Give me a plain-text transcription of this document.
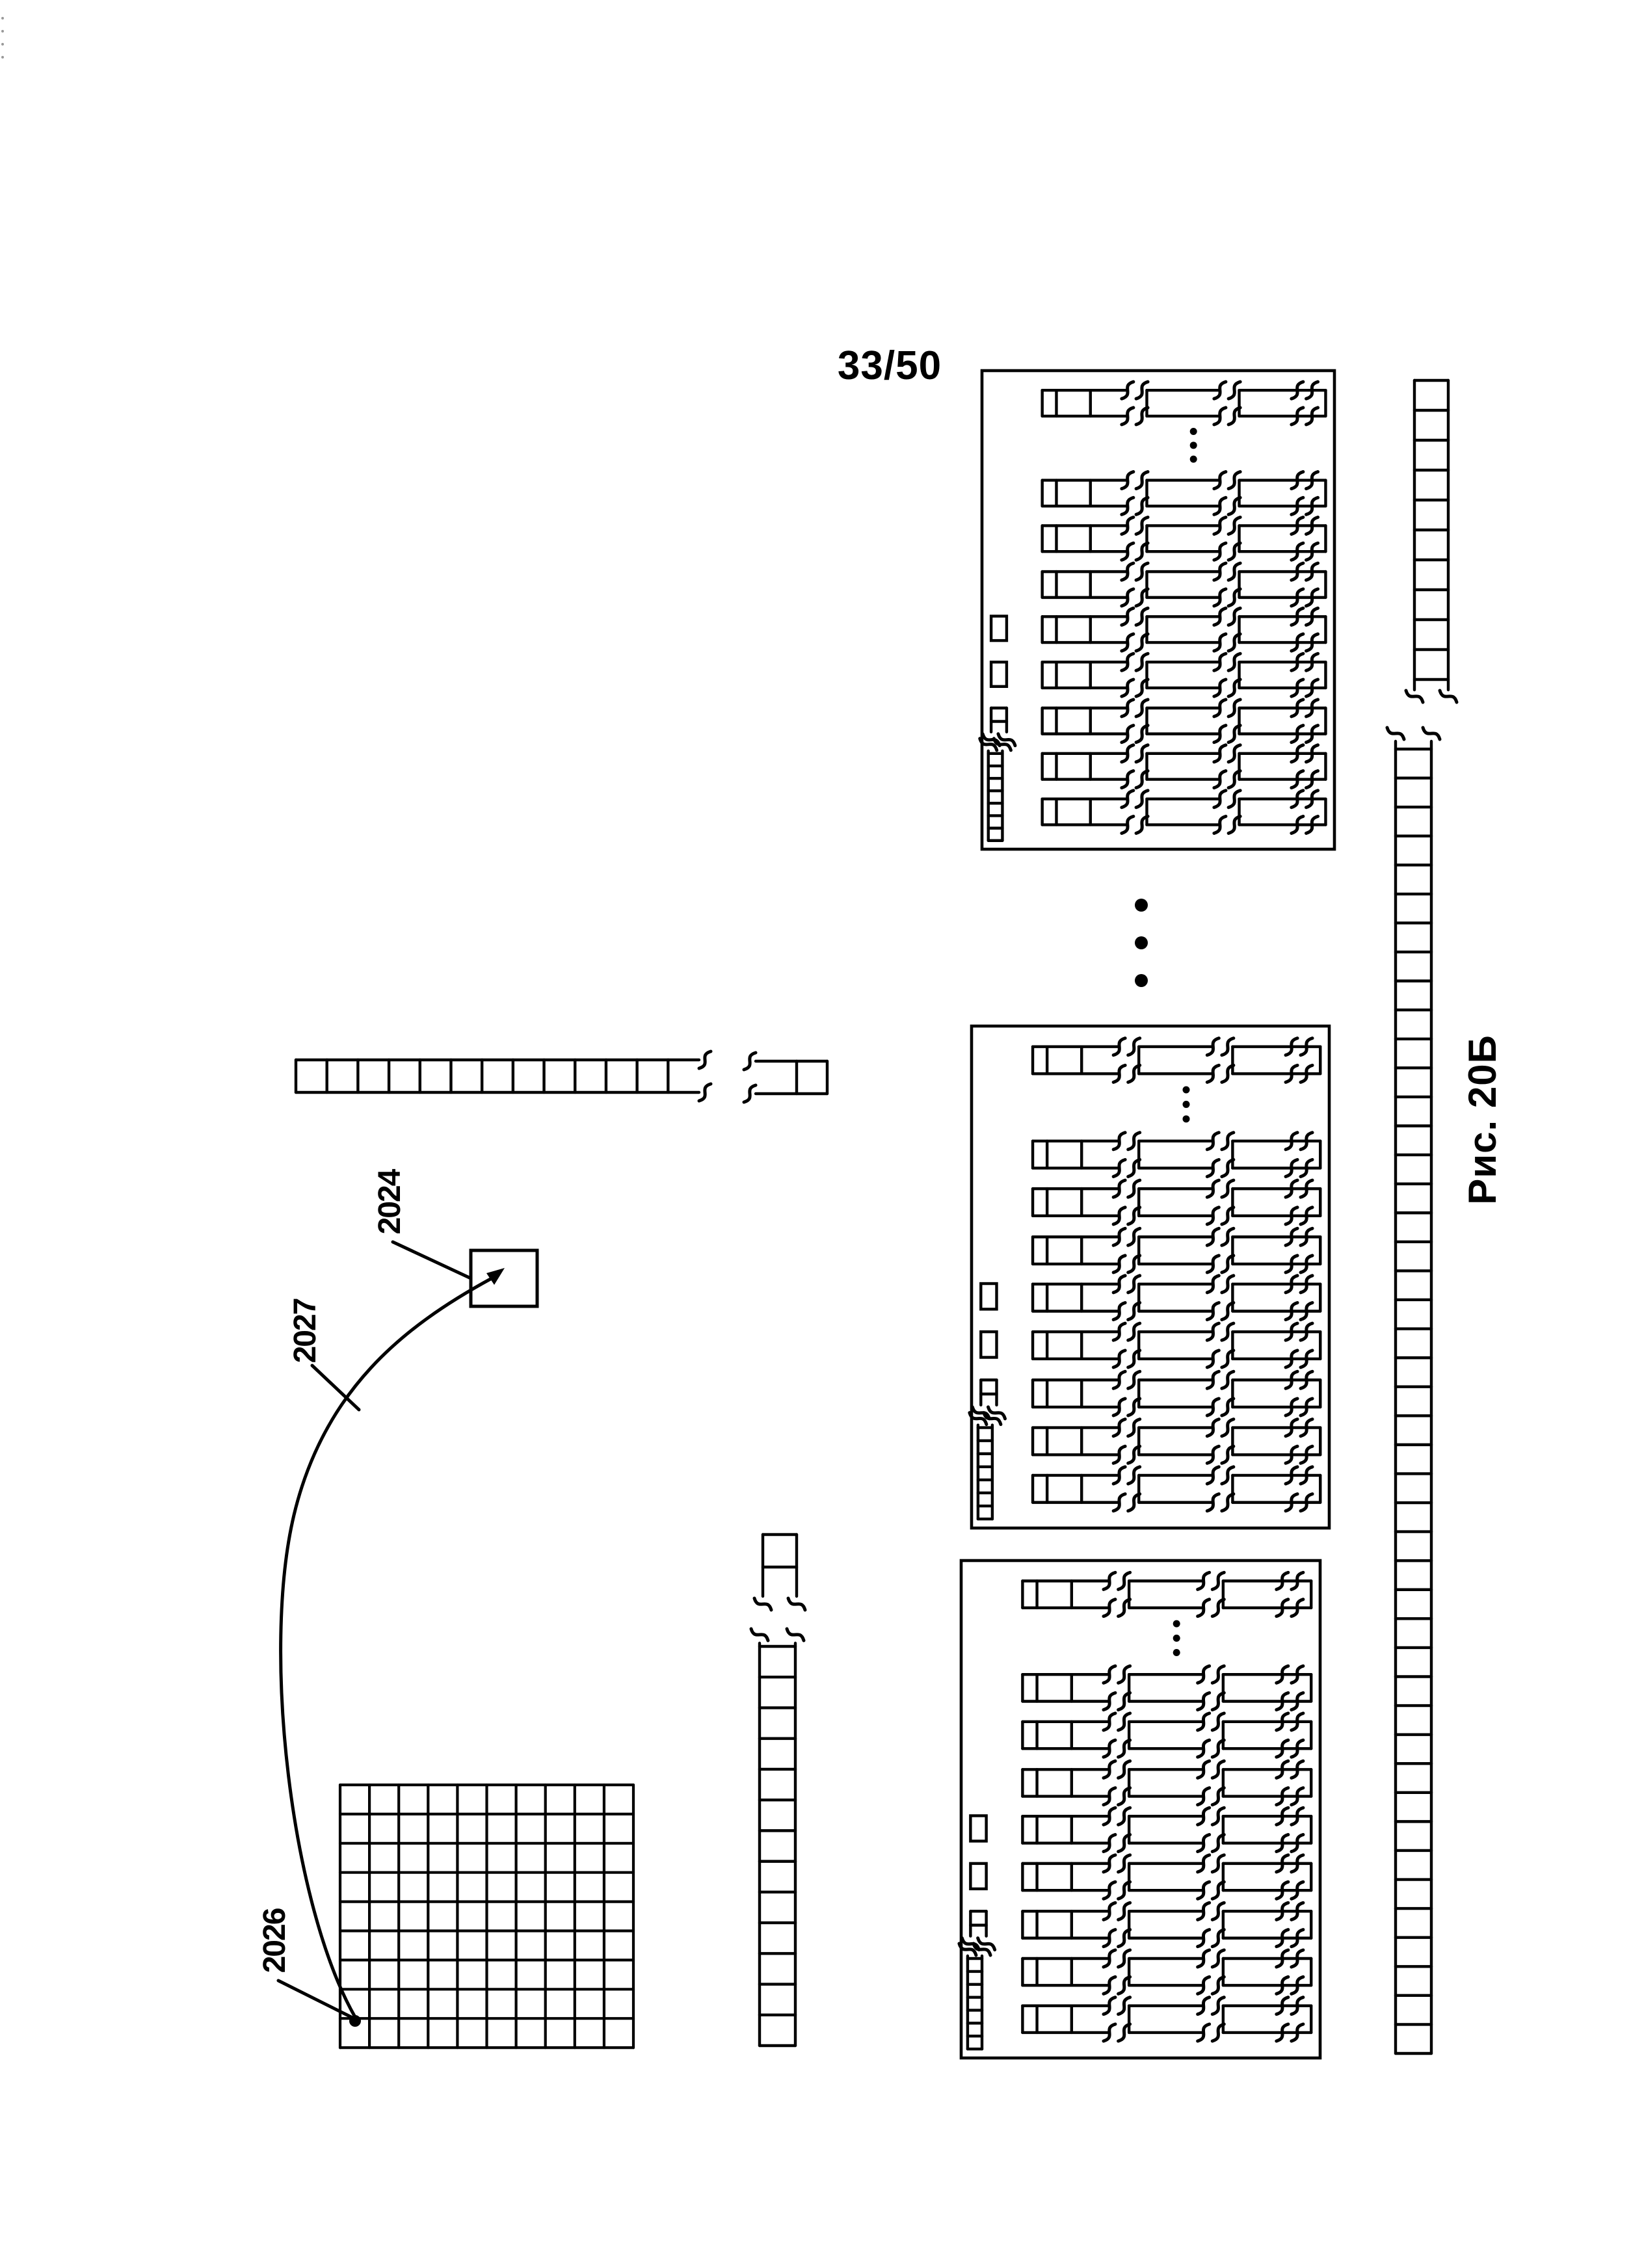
33/50
Рис. 20Б
2024
2027
2026
